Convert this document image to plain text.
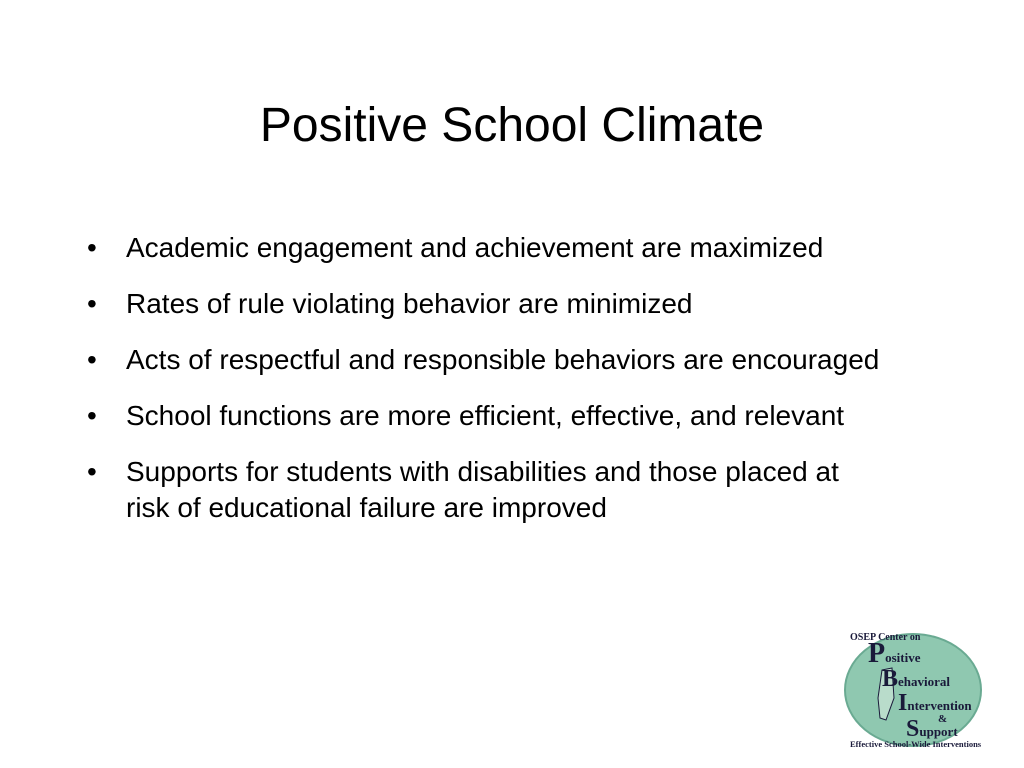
Positive School Climate
• Academic engagement and achievement are maximized
• Rates of rule violating behavior are minimized
• Acts of respectful and responsible behaviors are encouraged
• School functions are more efficient, effective, and relevant
• Supports for students with disabilities and those placed at risk of educational failure are improved
OSEP Center on
Positive
Behavioral
Intervention
&
Support
Effective School-Wide Interventions
